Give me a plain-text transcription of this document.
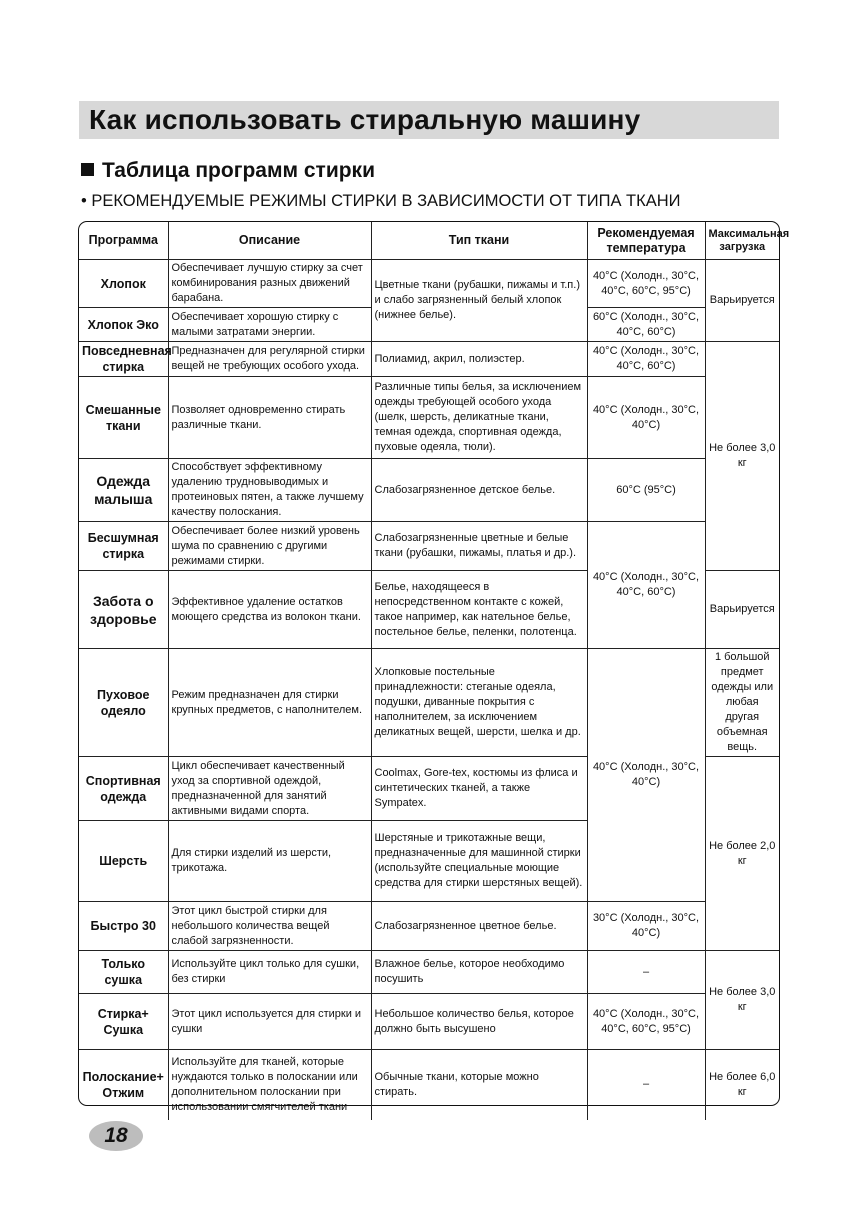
Как использовать стиральную машину
Таблица программ стирки
• РЕКОМЕНДУЕМЫЕ РЕЖИМЫ СТИРКИ В ЗАВИСИМОСТИ ОТ ТИПА ТКАНИ
Программа	Описание	Тип ткани	Рекомендуемая температура	Максимальная загрузка
Хлопок	Обеспечивает лучшую стирку за счет комбинирования разных движений барабана.	Цветные ткани (рубашки, пижамы и т.п.) и слабо загрязненный белый хлопок (нижнее белье).	40°C (Холодн., 30°C, 40°C, 60°C, 95°C)	Варьируется
Хлопок Эко	Обеспечивает хорошую стирку с малыми затратами энергии.		60°C (Холодн., 30°C, 40°C, 60°C)	
Повседневная стирка	Предназначен для регулярной стирки вещей не требующих особого ухода.	Полиамид, акрил, полиэстер.	40°C (Холодн., 30°C, 40°C, 60°C)	Не более 3,0 кг
Смешанные ткани	Позволяет одновременно стирать различные ткани.	Различные типы белья, за исключением одежды требующей особого ухода (шелк, шерсть, деликатные ткани, темная одежда, спортивная одежда, пуховые одеяла, тюли).	40°C (Холодн., 30°C, 40°C)	
Одежда малыша	Способствует эффективному удалению трудновыводимых и протеиновых пятен, а также лучшему качеству полоскания.	Слабозагрязненное детское белье.	60°C (95°C)	
Бесшумная стирка	Обеспечивает более низкий уровень шума по сравнению с другими режимами стирки.	Слабозагрязненные цветные и белые ткани (рубашки, пижамы, платья и др.).	40°C (Холодн., 30°C, 40°C, 60°C)	
Забота о здоровье	Эффективное удаление остатков моющего средства из волокон ткани.	Белье, находящееся в непосредственном контакте с кожей, такое например, как нательное белье, постельное белье, пеленки, полотенца.		Варьируется
Пуховое одеяло	Режим предназначен для стирки крупных предметов, с наполнителем.	Хлопковые постельные принадлежности: стеганые одеяла, подушки, диванные покрытия с наполнителем, за исключением деликатных вещей, шерсти, шелка и др.	40°C (Холодн., 30°C, 40°C)	1 большой предмет одежды или любая другая объемная вещь.
Спортивная одежда	Цикл обеспечивает качественный уход за спортивной одеждой, предназначенной для занятий активными видами спорта.	Coolmax, Gore-tex, костюмы из флиса и синтетических тканей, а также Sympatex.		Не более 2,0 кг
Шерсть	Для стирки изделий из шерсти, трикотажа.	Шерстяные и трикотажные вещи, предназначенные для машинной стирки (используйте специальные моющие средства для стирки шерстяных вещей).		
Быстро 30	Этот цикл быстрой стирки для небольшого количества вещей слабой загрязненности.	Слабозагрязненное цветное белье.	30°C (Холодн., 30°C, 40°C)	
Только сушка	Используйте цикл только для сушки, без стирки	Влажное белье, которое необходимо посушить	–	Не более 3,0 кг
Стирка+ Сушка	Этот цикл используется для стирки и сушки	Небольшое количество белья, которое должно быть высушено	40°C (Холодн., 30°C, 40°C, 60°C, 95°C)	
Полоскание+ Отжим	Используйте для тканей, которые нуждаются только в полоскании или дополнительном полоскании при использовании смягчителей ткани	Обычные ткани, которые можно стирать.	–	Не более 6,0 кг
18
